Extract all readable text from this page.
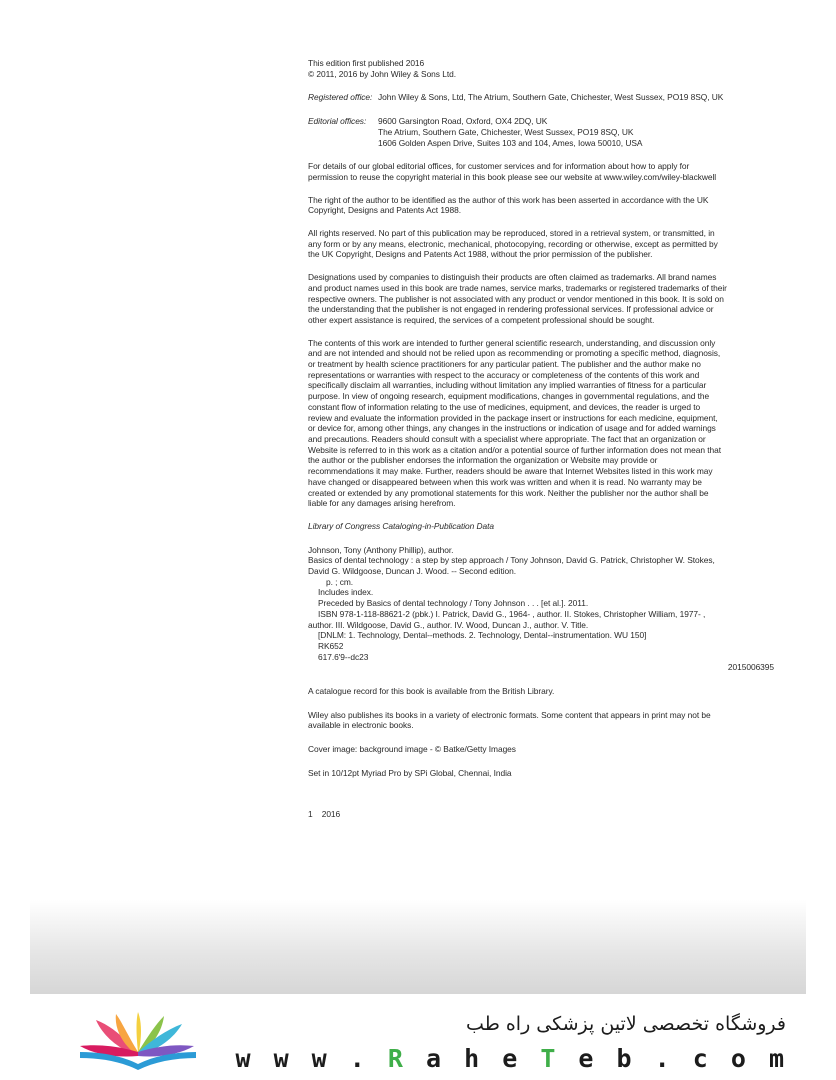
This edition first published 2016

© 2011, 2016 by John Wiley & Sons Ltd.

Registered office: John Wiley & Sons, Ltd, The Atrium, Southern Gate, Chichester, West Sussex, PO19 8SQ, UK
Editorial offices:	9600 Garsington Road, Oxford, OX4 2DQ, UK
The Atrium, Southern Gate, Chichester, West Sussex, PO19 8SQ, UK
1606 Golden Aspen Drive, Suites 103 and 104, Ames, Iowa 50010, USA
For details of our global editorial offices, for customer services and for information about how to apply for
permission to reuse the copyright material in this book please see our website at www.wiley.com/wiley-blackwell
The right of the author to be identified as the author of this work has been asserted in accordance with the UK
Copyright, Designs and Patents Act 1988.
All rights reserved. No part of this publication may be reproduced, stored in a retrieval system, or transmitted, in
any form or by any means, electronic, mechanical, photocopying, recording or otherwise, except as permitted by
the UK Copyright, Designs and Patents Act 1988, without the prior permission of the publisher.
Designations used by companies to distinguish their products are often claimed as trademarks. All brand names
and product names used in this book are trade names, service marks, trademarks or registered trademarks of their
respective owners. The publisher is not associated with any product or vendor mentioned in this book. It is sold on
the understanding that the publisher is not engaged in rendering professional services. If professional advice or
other expert assistance is required, the services of a competent professional should be sought.
The contents of this work are intended to further general scientific research, understanding, and discussion only
and are not intended and should not be relied upon as recommending or promoting a specific method, diagnosis,
or treatment by health science practitioners for any particular patient. The publisher and the author make no
representations or warranties with respect to the accuracy or completeness of the contents of this work and
specifically disclaim all warranties, including without limitation any implied warranties of fitness for a particular
purpose. In view of ongoing research, equipment modifications, changes in governmental regulations, and the
constant flow of information relating to the use of medicines, equipment, and devices, the reader is urged to
review and evaluate the information provided in the package insert or instructions for each medicine, equipment,
or device for, among other things, any changes in the instructions or indication of usage and for added warnings
and precautions. Readers should consult with a specialist where appropriate. The fact that an organization or
Website is referred to in this work as a citation and/or a potential source of further information does not mean that
the author or the publisher endorses the information the organization or Website may provide or
recommendations it may make. Further, readers should be aware that Internet Websites listed in this work may
have changed or disappeared between when this work was written and when it is read. No warranty may be
created or extended by any promotional statements for this work. Neither the publisher nor the author shall be
liable for any damages arising herefrom.

Library of Congress Cataloging-in-Publication Data

Johnson, Tony (Anthony Phillip), author.
Basics of dental technology : a step by step approach / Tony Johnson, David G. Patrick, Christopher W. Stokes,
David G. Wildgoose, Duncan J. Wood. -- Second edition.
p. ; cm.
Includes index.
Preceded by Basics of dental technology / Tony Johnson . . . [et al.]. 2011.
ISBN 978-1-118-88621-2 (pbk.) I. Patrick, David G., 1964- , author. II. Stokes, Christopher William, 1977- ,
author. III. Wildgoose, David G., author. IV. Wood, Duncan J., author. V. Title.
[DNLM: 1. Technology, Dental--methods. 2. Technology, Dental--instrumentation. WU 150]
RK652
617.6'9--dc23
2015006395

A catalogue record for this book is available from the British Library.

Wiley also publishes its books in a variety of electronic formats. Some content that appears in print may not be
available in electronic books.

Cover image: background image - © Batke/Getty Images

Set in 10/12pt Myriad Pro by SPi Global, Chennai, India

1    2016

فروشگاه تخصصی لاتین پزشکی راه طب
w w w . R a h e T e b . c o m
